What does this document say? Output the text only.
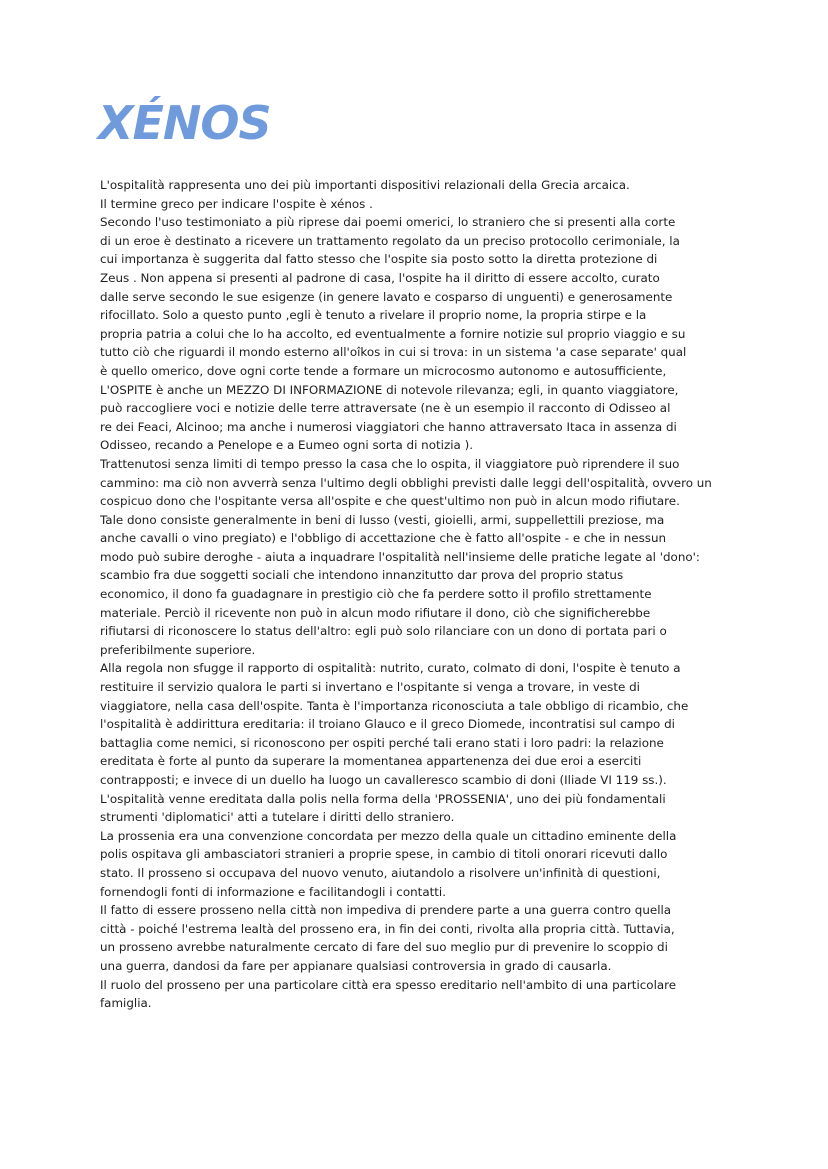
XÉNOS
L'ospitalità rappresenta uno dei più importanti dispositivi relazionali della Grecia arcaica.
Il termine greco per indicare l'ospite è xénos .
Secondo l'uso testimoniato a più riprese dai poemi omerici, lo straniero che si presenti alla corte
di un eroe è destinato a ricevere un trattamento regolato da un preciso protocollo cerimoniale, la
cui importanza è suggerita dal fatto stesso che l'ospite sia posto sotto la diretta protezione di
Zeus . Non appena si presenti al padrone di casa, l'ospite ha il diritto di essere accolto, curato
dalle serve secondo le sue esigenze (in genere lavato e cosparso di unguenti) e generosamente
rifocillato. Solo a questo punto ,egli è tenuto a rivelare il proprio nome, la propria stirpe e la
propria patria a colui che lo ha accolto, ed eventualmente a fornire notizie sul proprio viaggio e su
tutto ciò che riguardi il mondo esterno all'oîkos in cui si trova: in un sistema 'a case separate' qual
è quello omerico, dove ogni corte tende a formare un microcosmo autonomo e autosufficiente,
L'OSPITE è anche un MEZZO DI INFORMAZIONE di notevole rilevanza; egli, in quanto viaggiatore,
può raccogliere voci e notizie delle terre attraversate (ne è un esempio il racconto di Odisseo al
re dei Feaci, Alcinoo; ma anche i numerosi viaggiatori che hanno attraversato Itaca in assenza di
Odisseo, recando a Penelope e a Eumeo ogni sorta di notizia ).
Trattenutosi senza limiti di tempo presso la casa che lo ospita, il viaggiatore può riprendere il suo
cammino: ma ciò non avverrà senza l'ultimo degli obblighi previsti dalle leggi dell'ospitalità, ovvero un
cospicuo dono che l'ospitante versa all'ospite e che quest'ultimo non può in alcun modo rifiutare.
Tale dono consiste generalmente in beni di lusso (vesti, gioielli, armi, suppellettili preziose, ma
anche cavalli o vino pregiato) e l'obbligo di accettazione che è fatto all'ospite - e che in nessun
modo può subire deroghe - aiuta a inquadrare l'ospitalità nell'insieme delle pratiche legate al 'dono':
scambio fra due soggetti sociali che intendono innanzitutto dar prova del proprio status
economico, il dono fa guadagnare in prestigio ciò che fa perdere sotto il profilo strettamente
materiale. Perciò il ricevente non può in alcun modo rifiutare il dono, ciò che significherebbe
rifiutarsi di riconoscere lo status dell'altro: egli può solo rilanciare con un dono di portata pari o
preferibilmente superiore.
Alla regola non sfugge il rapporto di ospitalità: nutrito, curato, colmato di doni, l'ospite è tenuto a
restituire il servizio qualora le parti si invertano e l'ospitante si venga a trovare, in veste di
viaggiatore, nella casa dell'ospite. Tanta è l'importanza riconosciuta a tale obbligo di ricambio, che
l'ospitalità è addirittura ereditaria: il troiano Glauco e il greco Diomede, incontratisi sul campo di
battaglia come nemici, si riconoscono per ospiti perché tali erano stati i loro padri: la relazione
ereditata è forte al punto da superare la momentanea appartenenza dei due eroi a eserciti
contrapposti; e invece di un duello ha luogo un cavalleresco scambio di doni (Iliade VI 119 ss.).
L'ospitalità venne ereditata dalla polis nella forma della 'PROSSENIA', uno dei più fondamentali
strumenti 'diplomatici' atti a tutelare i diritti dello straniero.
La prossenia era una convenzione concordata per mezzo della quale un cittadino eminente della
polis ospitava gli ambasciatori stranieri a proprie spese, in cambio di titoli onorari ricevuti dallo
stato. Il prosseno si occupava del nuovo venuto, aiutandolo a risolvere un'infinità di questioni,
fornendogli fonti di informazione e facilitandogli i contatti.
Il fatto di essere prosseno nella città non impediva di prendere parte a una guerra contro quella
città - poiché l'estrema lealtà del prosseno era, in fin dei conti, rivolta alla propria città. Tuttavia,
un prosseno avrebbe naturalmente cercato di fare del suo meglio pur di prevenire lo scoppio di
una guerra, dandosi da fare per appianare qualsiasi controversia in grado di causarla.
Il ruolo del prosseno per una particolare città era spesso ereditario nell'ambito di una particolare
famiglia.
